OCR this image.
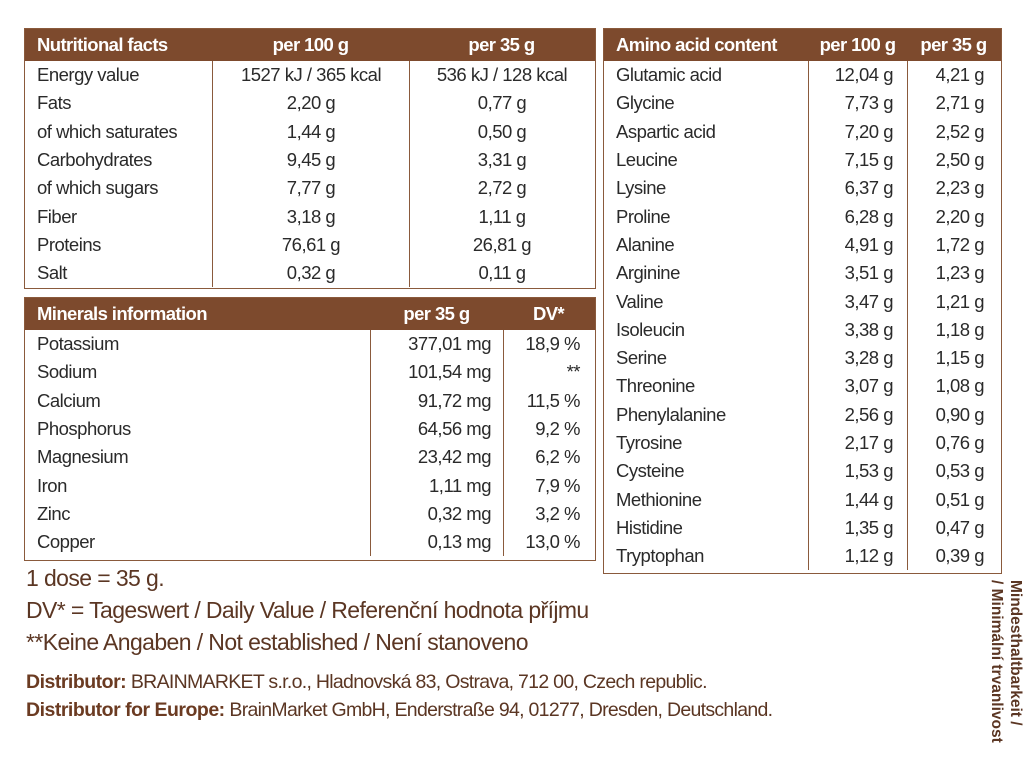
Nutritional facts	per 100 g	per 35 g
Energy value	1527 kJ / 365 kcal	536 kJ / 128 kcal
Fats	2,20 g	0,77 g
of which saturates	1,44 g	0,50 g
Carbohydrates	9,45 g	3,31 g
of which sugars	7,77 g	2,72 g
Fiber	3,18 g	1,11 g
Proteins	76,61 g	26,81 g
Salt	0,32 g	0,11 g
Minerals information	per 35 g	DV*
Potassium	377,01 mg	18,9 %
Sodium	101,54 mg	**
Calcium	91,72 mg	11,5 %
Phosphorus	64,56 mg	9,2 %
Magnesium	23,42 mg	6,2 %
Iron	1,11 mg	7,9 %
Zinc	0,32 mg	3,2 %
Copper	0,13 mg	13,0 %
Amino acid content	per 100 g	per 35 g
Glutamic acid	12,04 g	4,21 g
Glycine	7,73 g	2,71 g
Aspartic acid	7,20 g	2,52 g
Leucine	7,15 g	2,50 g
Lysine	6,37 g	2,23 g
Proline	6,28 g	2,20 g
Alanine	4,91 g	1,72 g
Arginine	3,51 g	1,23 g
Valine	3,47 g	1,21 g
Isoleucin	3,38 g	1,18 g
Serine	3,28 g	1,15 g
Threonine	3,07 g	1,08 g
Phenylalanine	2,56 g	0,90 g
Tyrosine	2,17 g	0,76 g
Cysteine	1,53 g	0,53 g
Methionine	1,44 g	0,51 g
Histidine	1,35 g	0,47 g
Tryptophan	1,12 g	0,39 g
1 dose = 35 g.
DV* = Tageswert / Daily Value / Referenční hodnota příjmu
**Keine Angaben / Not established / Není stanoveno
Distributor: BRAINMARKET s.r.o., Hladnovská 83, Ostrava, 712 00, Czech republic.
Distributor for Europe: BrainMarket GmbH, Enderstraße 94, 01277, Dresden, Deutschland.	Mindesthaltbarkeit /
/ Minimální trvanlivost
